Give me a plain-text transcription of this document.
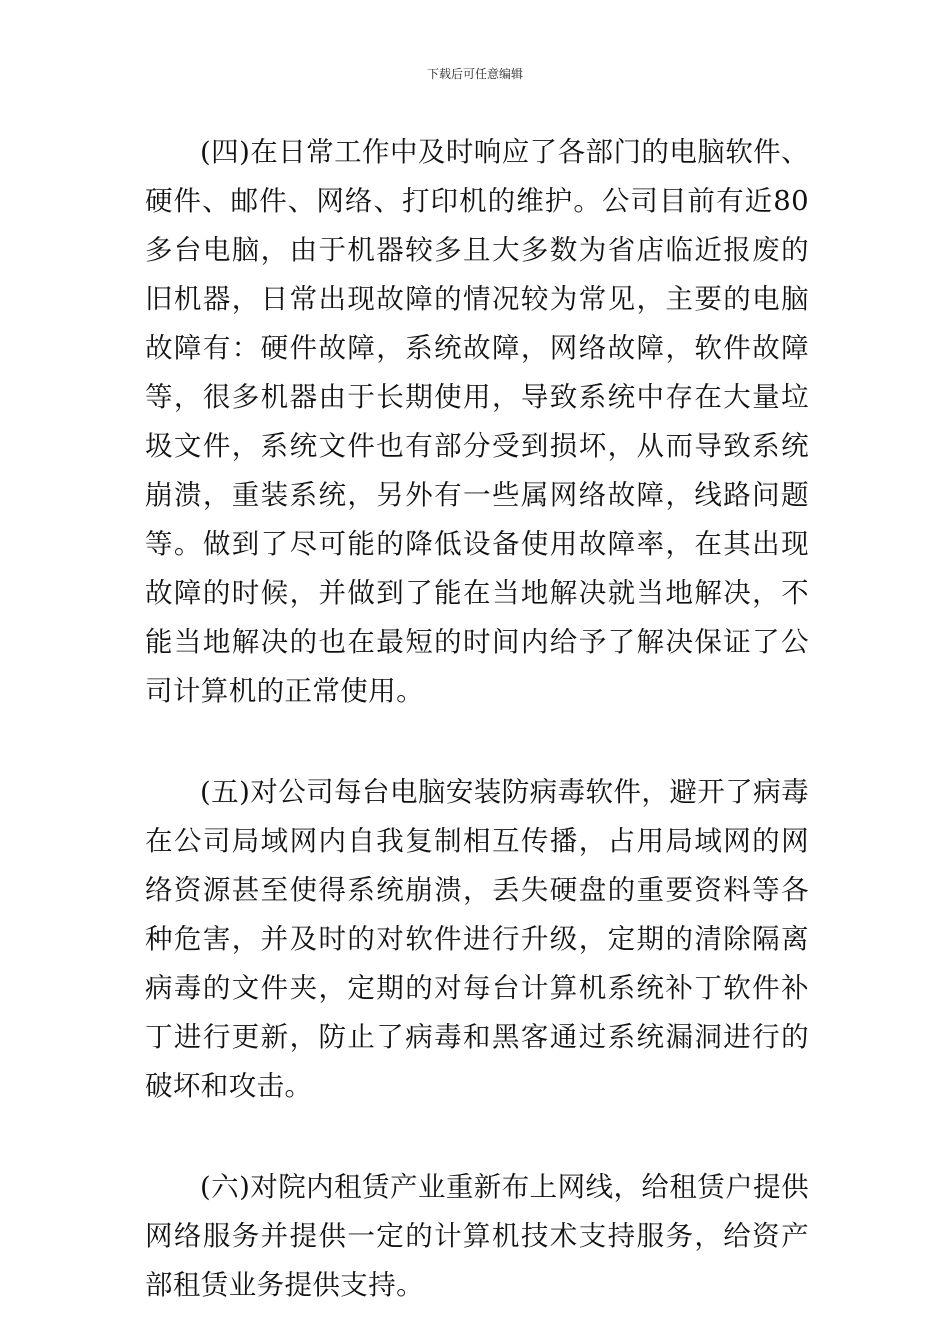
下载后可任意编辑

(四)在日常工作中及时响应了各部门的电脑软件、硬件、邮件、网络、打印机的维护。公司目前有近80多台电脑，由于机器较多且大多数为省店临近报废的旧机器，日常出现故障的情况较为常见，主要的电脑故障有：硬件故障，系统故障，网络故障，软件故障等，很多机器由于长期使用，导致系统中存在大量垃圾文件，系统文件也有部分受到损坏，从而导致系统崩溃，重装系统，另外有一些属网络故障，线路问题等。做到了尽可能的降低设备使用故障率，在其出现故障的时候，并做到了能在当地解决就当地解决，不能当地解决的也在最短的时间内给予了解决保证了公司计算机的正常使用。

(五)对公司每台电脑安装防病毒软件，避开了病毒在公司局域网内自我复制相互传播，占用局域网的网络资源甚至使得系统崩溃，丢失硬盘的重要资料等各种危害，并及时的对软件进行升级，定期的清除隔离病毒的文件夹，定期的对每台计算机系统补丁软件补丁进行更新，防止了病毒和黑客通过系统漏洞进行的破坏和攻击。

(六)对院内租赁产业重新布上网线，给租赁户提供网络服务并提供一定的计算机技术支持服务，给资产部租赁业务提供支持。
